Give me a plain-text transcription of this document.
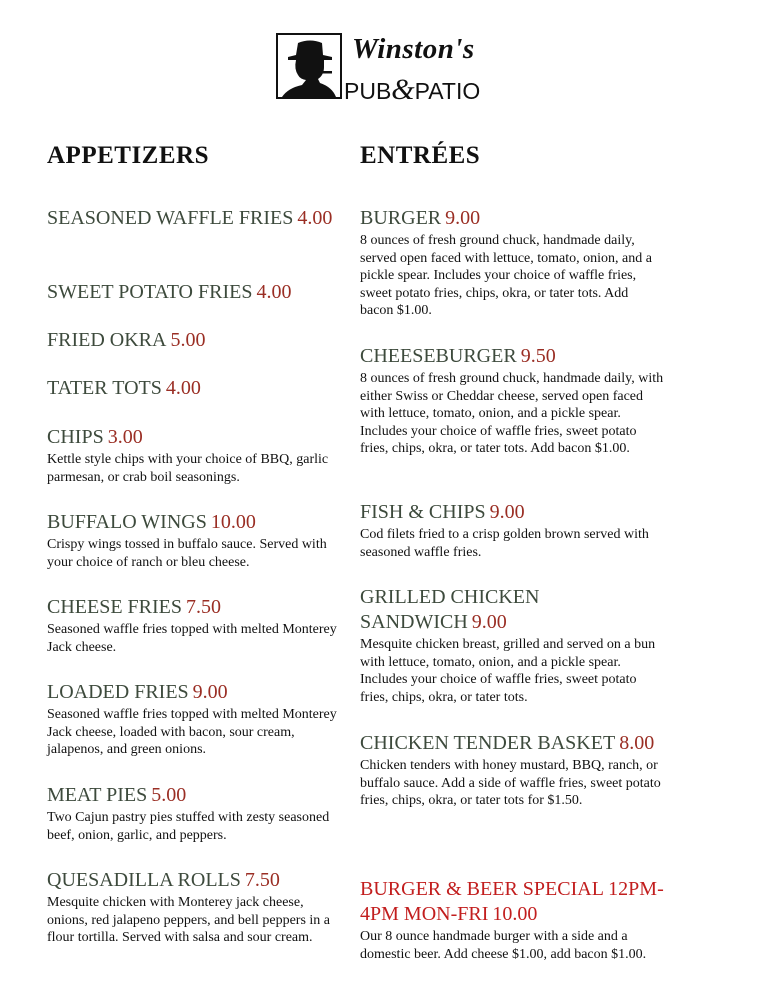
Winston's
PUB&PATIO
APPETIZERS
SEASONED WAFFLE FRIES 4.00
SWEET POTATO FRIES 4.00
FRIED OKRA 5.00
TATER TOTS 4.00
CHIPS 3.00
Kettle style chips with your choice of BBQ, garlic parmesan, or crab boil seasonings.
BUFFALO WINGS 10.00
Crispy wings tossed in buffalo sauce. Served with your choice of ranch or bleu cheese.
CHEESE FRIES 7.50
Seasoned waffle fries topped with melted Monterey Jack cheese.
LOADED FRIES 9.00
Seasoned waffle fries topped with melted Monterey Jack cheese, loaded with bacon, sour cream, jalapenos, and green onions.
MEAT PIES 5.00
Two Cajun pastry pies stuffed with zesty seasoned beef, onion, garlic, and peppers.
QUESADILLA ROLLS 7.50
Mesquite chicken with Monterey jack cheese, onions, red jalapeno peppers, and bell peppers in a flour tortilla. Served with salsa and sour cream.
ENTRÉES
BURGER 9.00
8 ounces of fresh ground chuck, handmade daily, served open faced with lettuce, tomato, onion, and a pickle spear. Includes your choice of waffle fries, sweet potato fries, chips, okra, or tater tots. Add bacon $1.00.
CHEESEBURGER 9.50
8 ounces of fresh ground chuck, handmade daily, with either Swiss or Cheddar cheese, served open faced with lettuce, tomato, onion, and a pickle spear. Includes your choice of waffle fries, sweet potato fries, chips, okra, or tater tots. Add bacon $1.00.
FISH & CHIPS 9.00
Cod filets fried to a crisp golden brown served with seasoned waffle fries.
GRILLED CHICKEN SANDWICH 9.00
Mesquite chicken breast, grilled and served on a bun with lettuce, tomato, onion, and a pickle spear. Includes your choice of waffle fries, sweet potato fries, chips, okra, or tater tots.
CHICKEN TENDER BASKET 8.00
Chicken tenders with honey mustard, BBQ, ranch, or buffalo sauce. Add a side of waffle fries, sweet potato fries, chips, okra, or tater tots for $1.50.
BURGER & BEER SPECIAL 12PM-4PM MON-FRI 10.00
Our 8 ounce handmade burger with a side and a domestic beer. Add cheese $1.00, add bacon $1.00.
